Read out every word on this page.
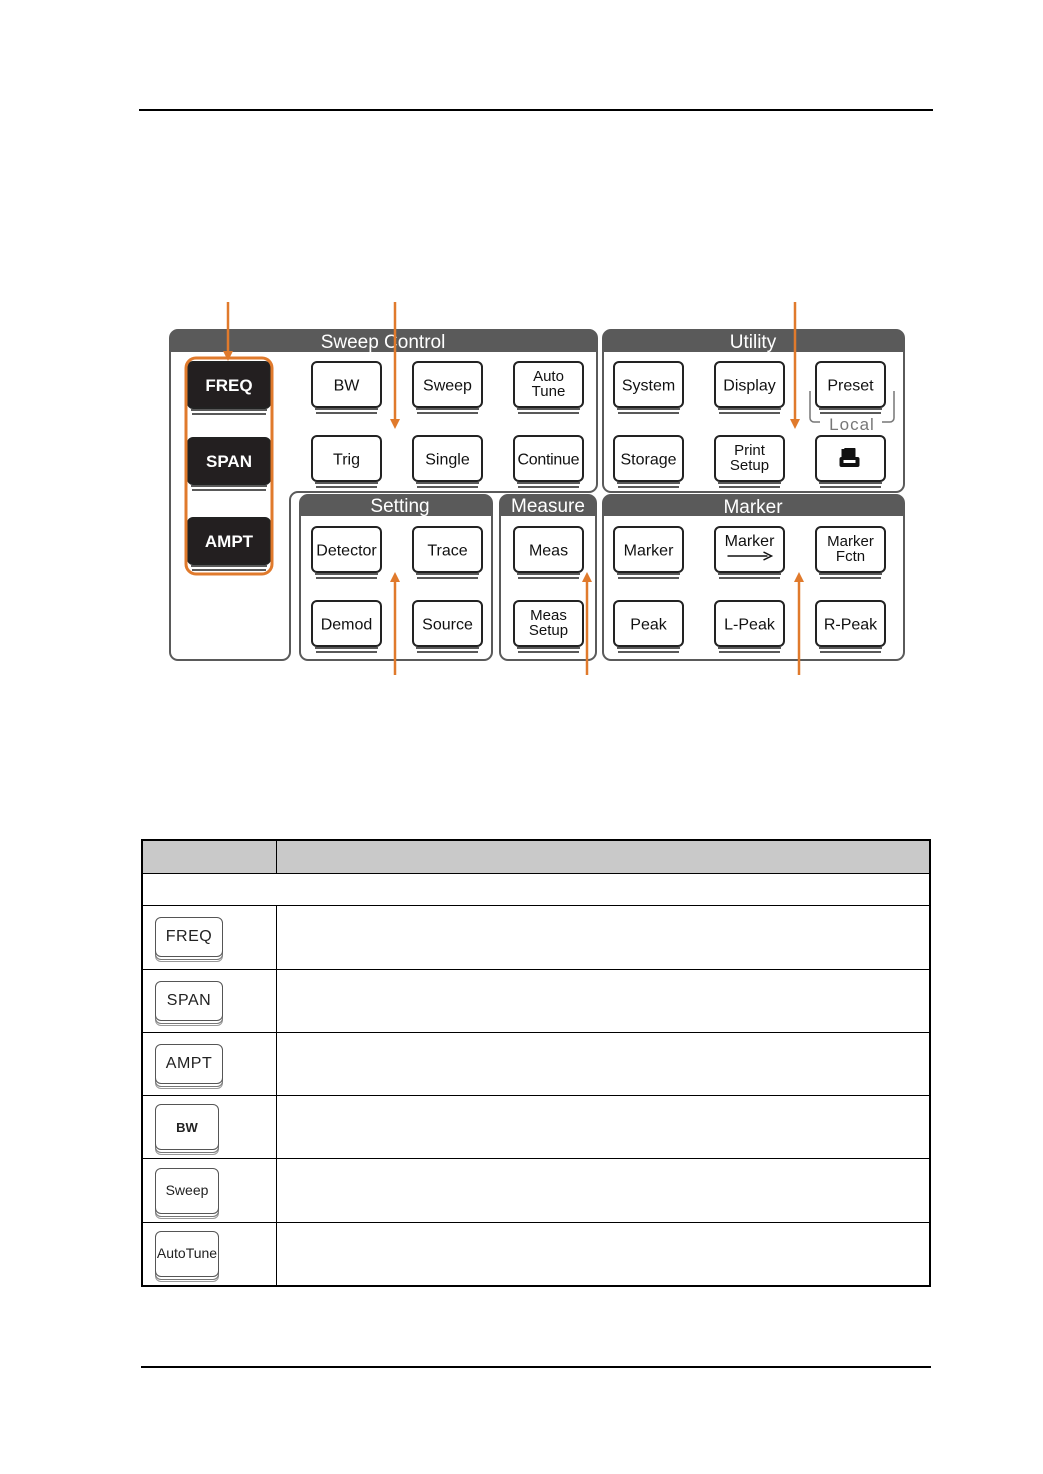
Sweep Control	Utility
Setting	Measure	Marker
Local
FREQ
SPAN
AMPT
BW	Sweep
Auto
Tune
Trig	Single	Continue
System	Display	Preset
Storage
Print
Setup
Detector	Trace	Meas
Demod	Source
Meas
Setup
Marker
Marker	Marker
Fctn
Peak	L-Peak	R-Peak

FREQ	

SPAN	

AMPT	

BW	

Sweep	

Auto Tune	
